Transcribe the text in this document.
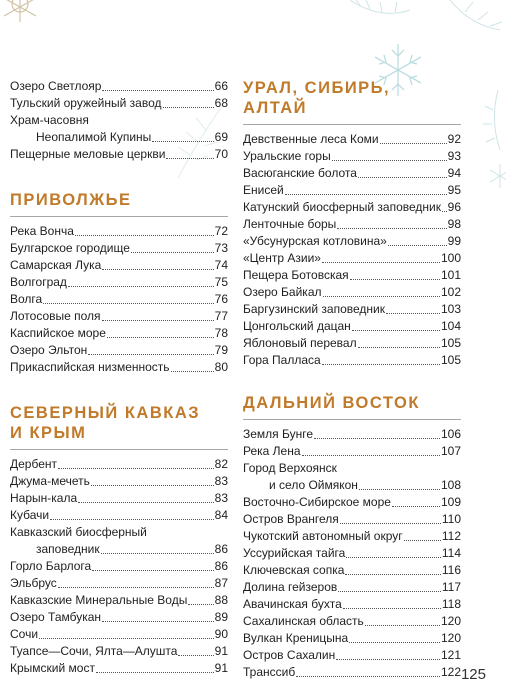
Озеро Светлояр	66
Тульский оружейный завод	68
Храм-часовня
Неопалимой Купины	69
Пещерные меловые церкви	70
ПРИВОЛЖЬЕ
Река Вонча	72
Булгарское городище	73
Самарская Лука	74
Волгоград	75
Волга	76
Лотосовые поля	77
Каспийское море	78
Озеро Эльтон	79
Прикаспийская низменность	80
СЕВЕРНЫЙ КАВКАЗ
И КРЫМ
Дербент	82
Джума-мечеть	83
Нарын-кала	83
Кубачи	84
Кавказский биосферный
заповедник	86
Горло Барлога	86
Эльбрус	87
Кавказские Минеральные Воды 88
Озеро Тамбукан	89
Сочи	90
Туапсе—Сочи, Ялта—Алушта	91
Крымский мост	91
УРАЛ, СИБИРЬ,
АЛТАЙ
Девственные леса Коми	92
Уральские горы	93
Васюганские болота	94
Енисей	95
Катунский биосферный заповедник 96
Ленточные боры	98
«Убсунурская котловина»	99
«Центр Азии»	100
Пещера Ботовская	101
Озеро Байкал	102
Баргузинский заповедник	103
Цонгольский дацан	104
Яблоновый перевал	105
Гора Палласа	105
ДАЛЬНИЙ ВОСТОК
Земля Бунге	106
Река Лена	107
Город Верхоянск
и село Оймякон	108
Восточно-Сибирское море	109
Остров Врангеля	110
Чукотский автономный округ	112
Уссурийская тайга	114
Ключевская сопка	116
Долина гейзеров	117
Авачинская бухта	118
Сахалинская область	120
Вулкан Креницына	120
Остров Сахалин	121
Транссиб	122 125
